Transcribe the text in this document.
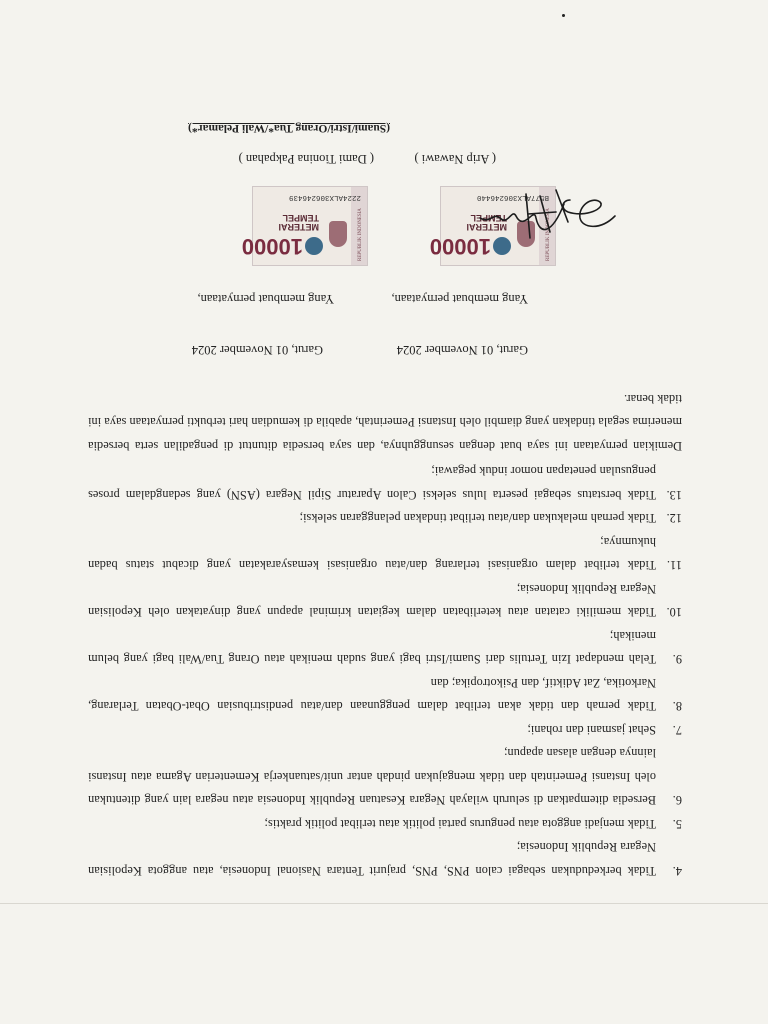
4.
Tidak berkedudukan sebagai calon PNS, PNS, prajurit Tentara Nasional Indonesia, atau anggota Kepolisian Negara Republik Indonesia;
5.
Tidak menjadi anggota atau pengurus partai politik atau terlibat politik praktis;
6.
Bersedia ditempatkan di seluruh wilayah Negara Kesatuan Republik Indonesia atau negara lain yang ditentukan oleh Instansi Pemerintah dan tidak mengajukan pindah antar unit/satuankerja Kementerian Agama atau Instansi lainnya dengan alasan apapun;
7.
Sehat jasmani dan rohani;
8.
Tidak pernah dan tidak akan terlibat dalam penggunaan dan/atau pendistribusian Obat-Obatan Terlarang, Narkotika, Zat Adiktif, dan Psikotropika; dan
9.
Telah mendapat Izin Tertulis dari Suami/Istri bagi yang sudah menikah atau Orang Tua/Wali bagi yang belum menikah;
10.
Tidak memiliki catatan atau keterlibatan dalam kegiatan kriminal apapun yang dinyatakan oleh Kepolisian Negara Republik Indonesia;
11.
Tidak terlibat dalam organisasi terlarang dan/atau organisasi kemasyarakatan yang dicabut status badan hukumnya;
12.
Tidak pernah melakukan dan/atau terlibat tindakan pelanggaran seleksi;
13.
Tidak berstatus sebagai peserta lulus seleksi Calon Aparatur Sipil Negara (ASN) yang sedangdalam proses pengusulan penetapan nomor induk pegawai;

Demikian pernyataan ini saya buat dengan sesungguhnya, dan saya bersedia dituntut di pengadilan serta bersedia menerima segala tindakan yang diambil oleh Instansi Pemerintah, apabila di kemudian hari terbukti pernyataan saya ini tidak benar.

Garut, 01 November 2024
Yang membuat pernyataan,
REPUBLIK INDONESIA
10000
METERAI
TEMPEL
B577ALX306246440
( Arip Nawawi )
Garut, 01 November 2024
Yang membuat pernyataan,
REPUBLIK INDONESIA
10000
METERAI
TEMPEL
2224ALX306246439
( Dami Tionina Pakpahan )
(Suami/Istri/Orang Tua*/Wali Pelamar*)
